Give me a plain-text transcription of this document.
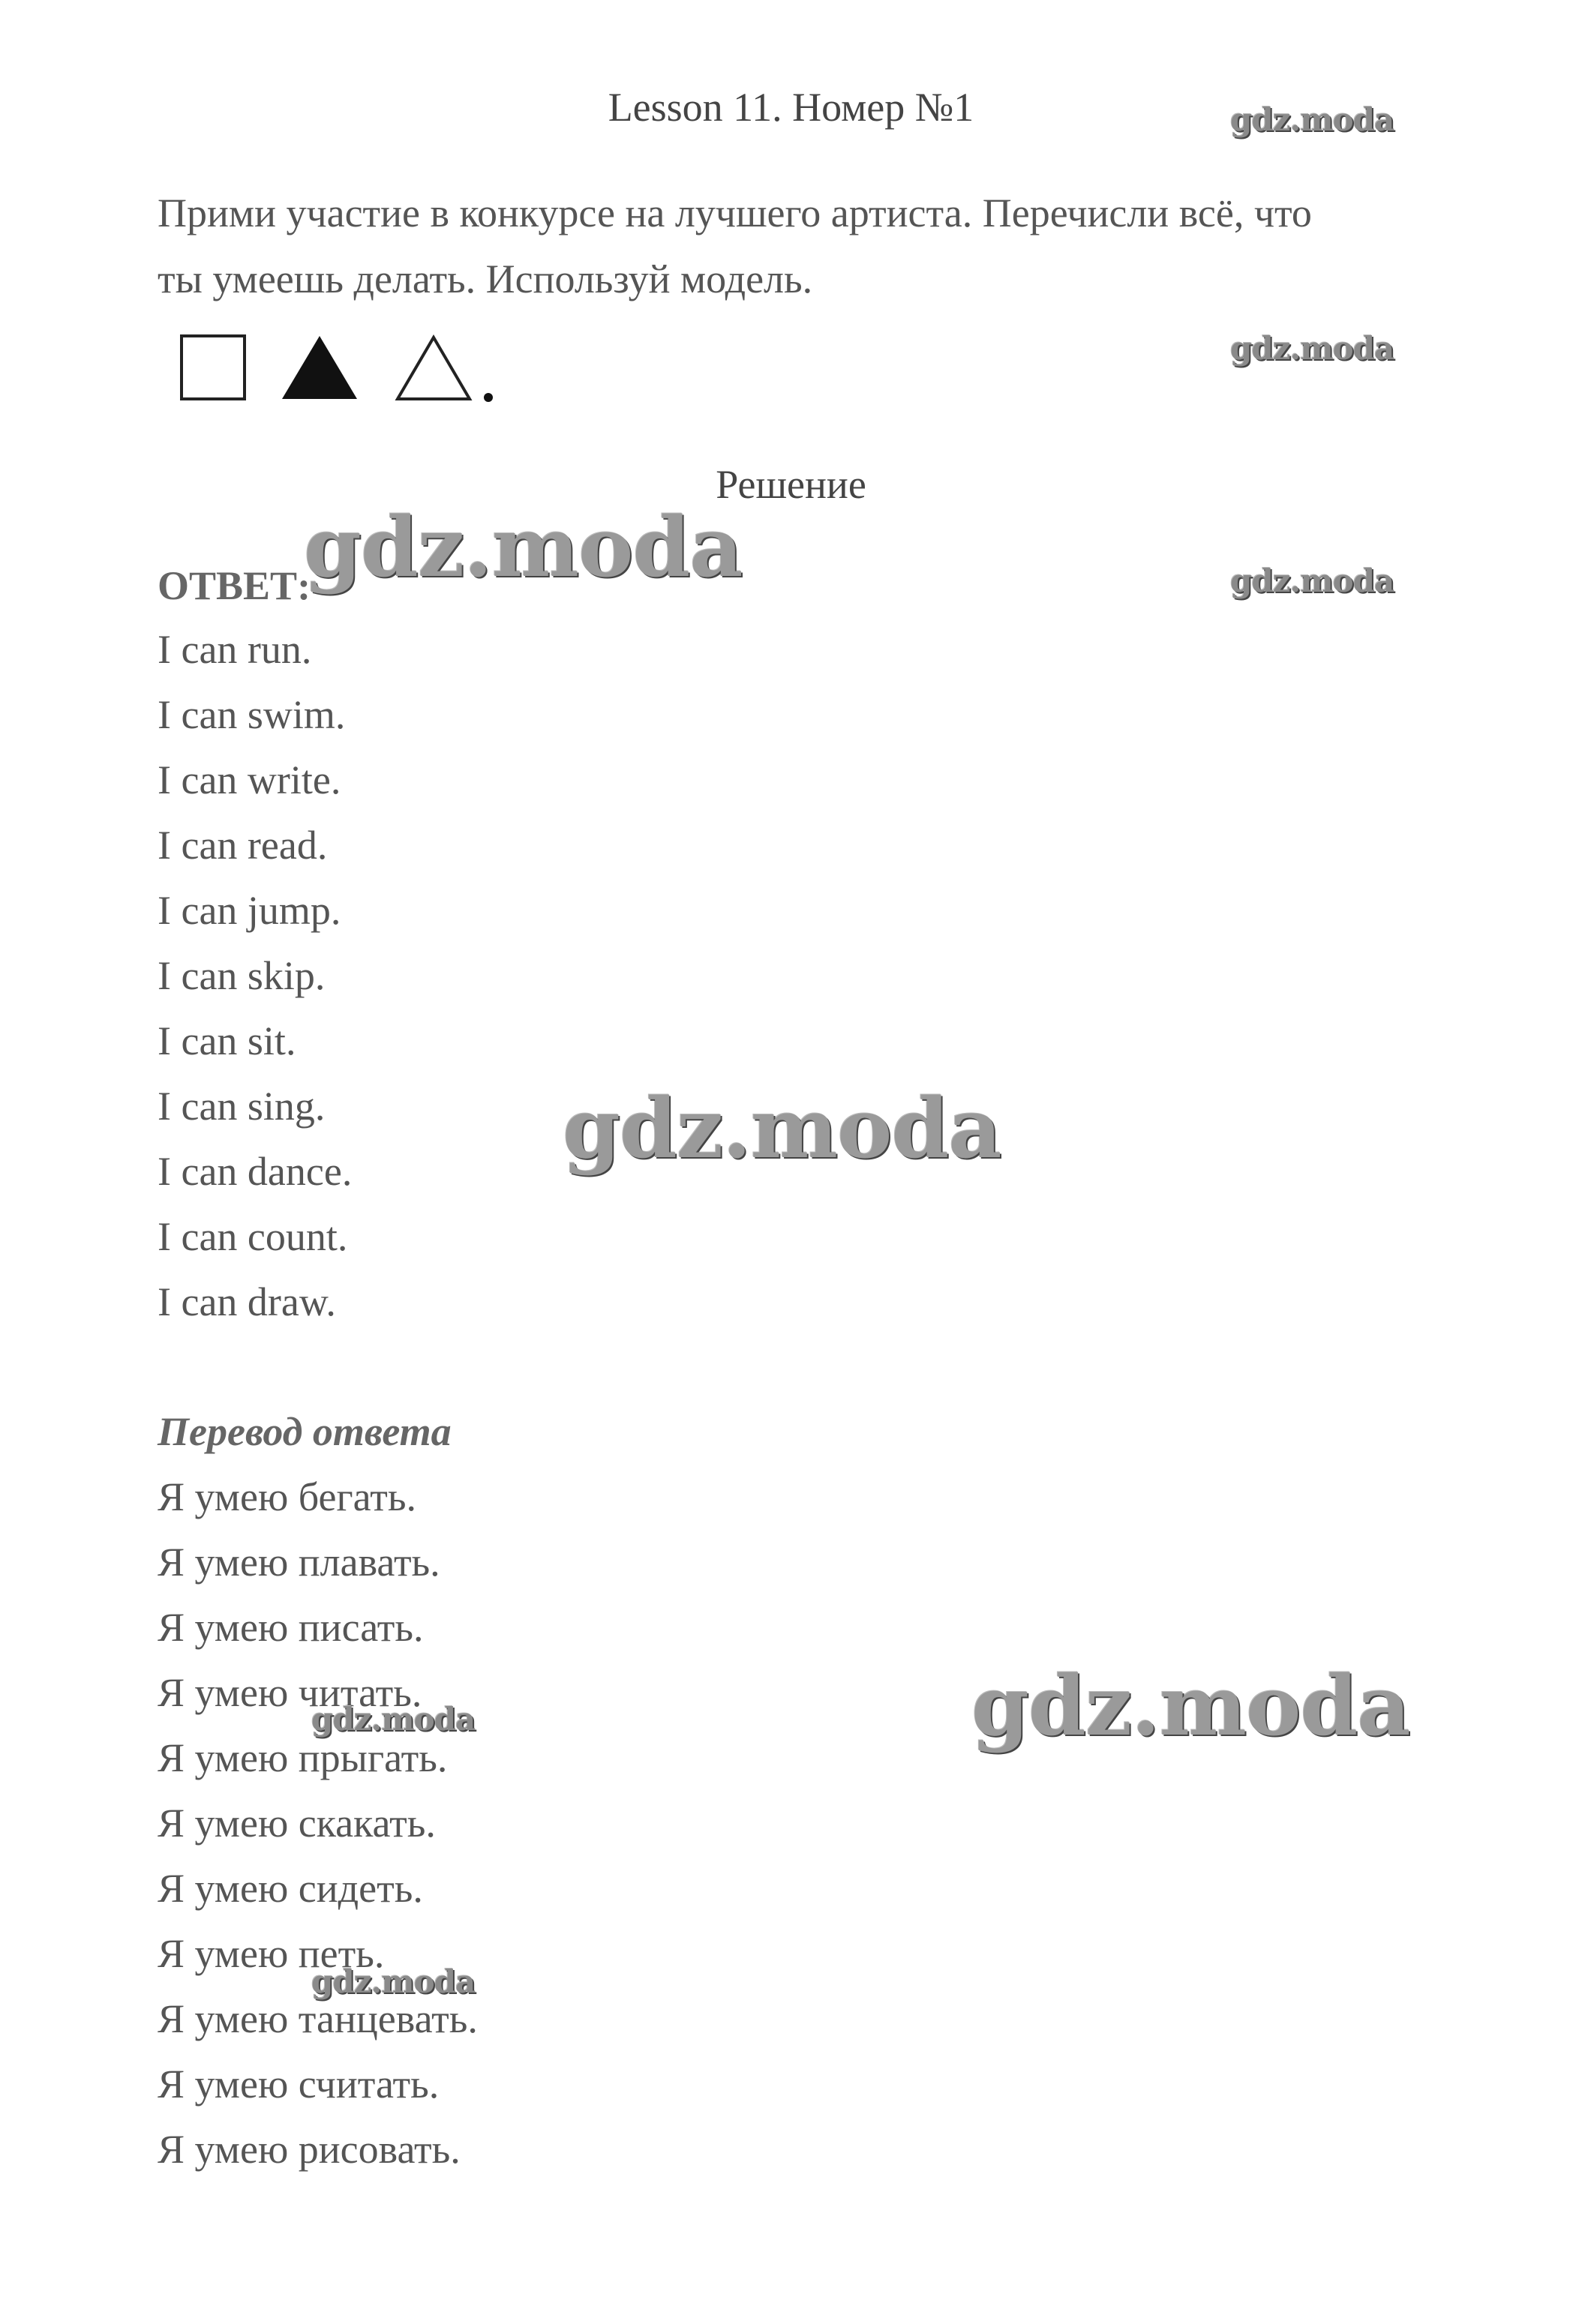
Lesson 11. Номер №1
Прими участие в конкурсе на лучшего артиста. Перечисли всё, что
ты умеешь делать. Используй модель.
Решение
ОТВЕТ:
I can run.
I can swim.
I can write.
I can read.
I can jump.
I can skip.
I can sit.
I can sing.
I can dance.
I can count.
I can draw.
Перевод ответа
Я умею бегать.
Я умею плавать.
Я умею писать.
Я умею читать.
Я умею прыгать.
Я умею скакать.
Я умею сидеть.
Я умею петь.
Я умею танцевать.
Я умею считать.
Я умею рисовать.
gdz.moda
gdz.moda
gdz.moda
gdz.moda
gdz.moda
gdz.moda
gdz.moda
gdz.moda
